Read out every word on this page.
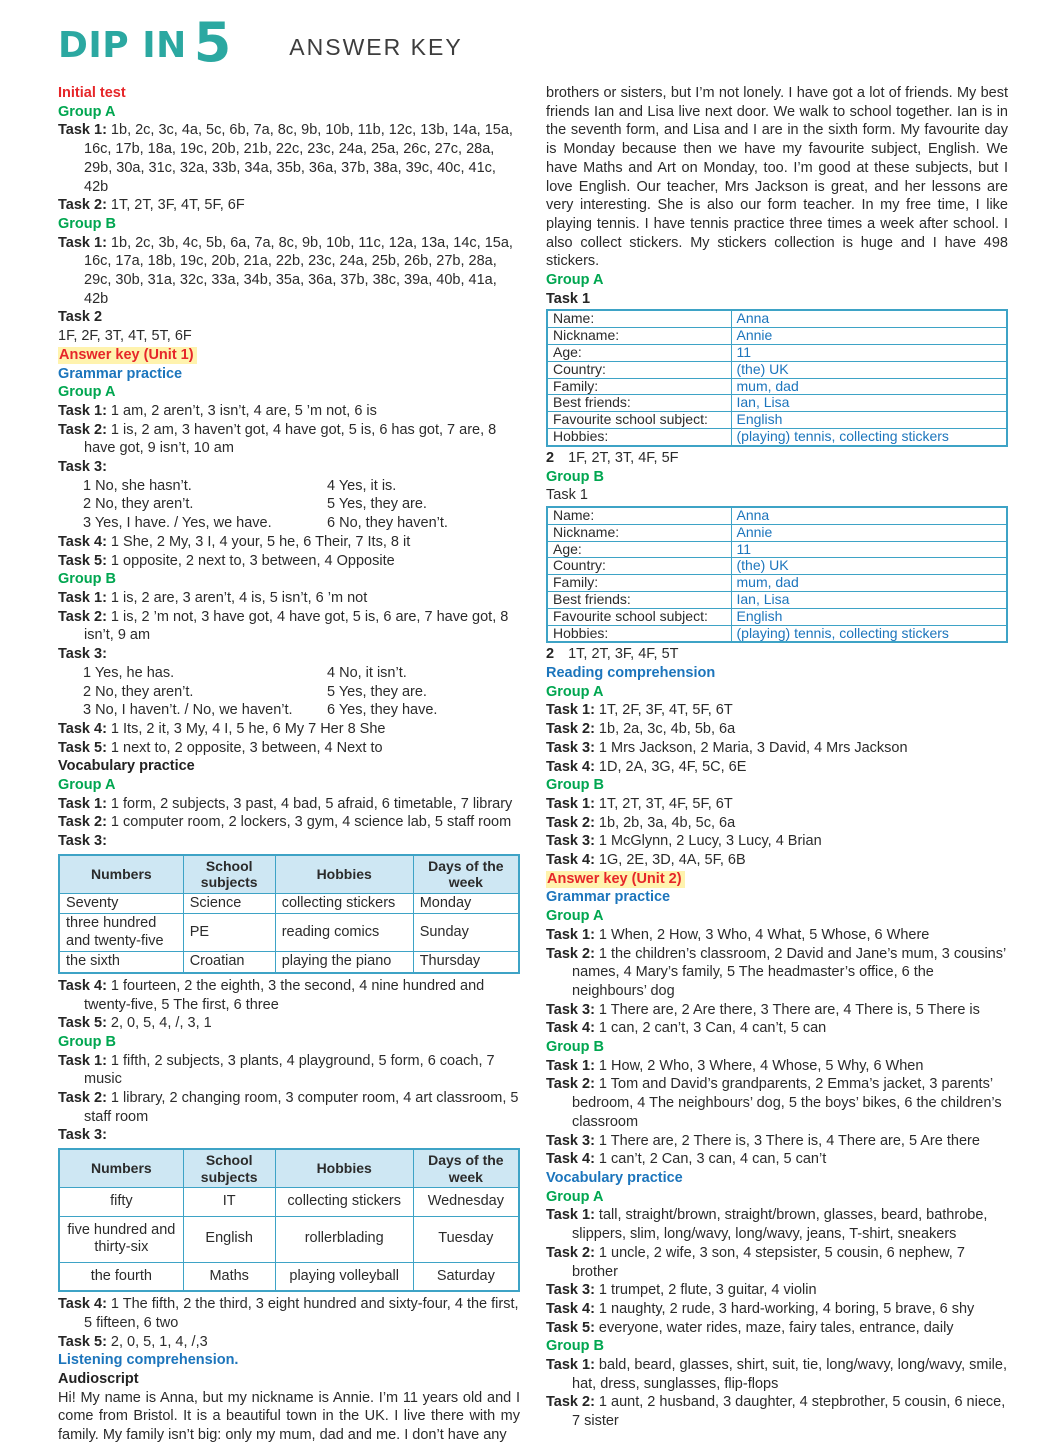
DIP IN 5	ANSWER KEY
Initial test
Group A
Task 1: 1b, 2c, 3c, 4a, 5c, 6b, 7a, 8c, 9b, 10b, 11b, 12c, 13b, 14a, 15a, 16c, 17b, 18a, 19c, 20b, 21b, 22c, 23c, 24a, 25a, 26c, 27c, 28a, 29b, 30a, 31c, 32a, 33b, 34a, 35b, 36a, 37b, 38a, 39c, 40c, 41c, 42b
Task 2: 1T, 2T, 3F, 4T, 5F, 6F
Group B
Task 1: 1b, 2c, 3b, 4c, 5b, 6a, 7a, 8c, 9b, 10b, 11c, 12a, 13a, 14c, 15a, 16c, 17a, 18b, 19c, 20b, 21a, 22b, 23c, 24a, 25b, 26b, 27b, 28a, 29c, 30b, 31a, 32c, 33a, 34b, 35a, 36a, 37b, 38c, 39a, 40b, 41a, 42b
Task 2
1F, 2F, 3T, 4T, 5T, 6F
Answer key (Unit 1)
Grammar practice
Group A
Task 1: 1 am, 2 aren’t, 3 isn’t, 4 are, 5 ’m not, 6 is
Task 2: 1 is, 2 am, 3 haven’t got, 4 have got, 5 is, 6 has got, 7 are, 8 have got, 9 isn’t, 10 am
Task 3:
1 No, she hasn’t.	4 Yes, it is.
2 No, they aren’t.	5 Yes, they are.
3 Yes, I have. / Yes, we have.	6 No, they haven’t.
Task 4: 1 She, 2 My, 3 I, 4 your, 5 he, 6 Their, 7 Its, 8 it
Task 5: 1 opposite, 2 next to, 3 between, 4 Opposite
Group B
Task 1: 1 is, 2 are, 3 aren’t, 4 is, 5 isn’t, 6 ’m not
Task 2: 1 is, 2 ’m not, 3 have got, 4 have got, 5 is, 6 are, 7 have got, 8 isn’t, 9 am
Task 3:
1 Yes, he has.	4 No, it isn’t.
2 No, they aren’t.	5 Yes, they are.
3 No, I haven’t. / No, we haven’t.	6 Yes, they have.
Task 4: 1 Its, 2 it, 3 My, 4 I, 5 he, 6 My 7 Her 8 She
Task 5: 1 next to, 2 opposite, 3 between, 4 Next to
Vocabulary practice
Group A
Task 1: 1 form, 2 subjects, 3 past, 4 bad, 5 afraid, 6 timetable, 7 library
Task 2: 1 computer room, 2 lockers, 3 gym, 4 science lab, 5 staff room
Task 3:
Numbers	School subjects	Hobbies	Days of the week
Seventy	Science	collecting stickers	Monday
three hundred and twenty-five	PE	reading comics	Sunday
the sixth	Croatian	playing the piano	Thursday
Task 4: 1 fourteen, 2 the eighth, 3 the second, 4 nine hundred and twenty-five, 5 The first, 6 three
Task 5: 2, 0, 5, 4, /, 3, 1
Group B
Task 1: 1 fifth, 2 subjects, 3 plants, 4 playground, 5 form, 6 coach, 7 music
Task 2: 1 library, 2 changing room, 3 computer room, 4 art classroom, 5 staff room
Task 3:
Numbers	School subjects	Hobbies	Days of the week
fifty	IT	collecting stickers	Wednesday
five hundred and thirty-six	English	rollerblading	Tuesday
the fourth	Maths	playing volleyball	Saturday
Task 4: 1 The fifth, 2 the third, 3 eight hundred and sixty-four, 4 the first, 5 fifteen, 6 two
Task 5: 2, 0, 5, 1, 4, /,3
Listening comprehension.
Audioscript

Hi! My name is Anna, but my nickname is Annie. I’m 11 years old and I come from Bristol. It is a beautiful town in the UK. I live there with my family. My family isn’t big: only my mum, dad and me. I don’t have any

brothers or sisters, but I’m not lonely. I have got a lot of friends. My best friends Ian and Lisa live next door. We walk to school together. Ian is in the seventh form, and Lisa and I are in the sixth form. My favourite day is Monday because then we have my favourite subject, English. We have Maths and Art on Monday, too. I’m good at these subjects, but I love English. Our teacher, Mrs Jackson is great, and her lessons are very interesting. She is also our form teacher. In my free time, I like playing tennis. I have tennis practice three times a week after school. I also collect stickers. My stickers collection is huge and I have 498 stickers.

Group A
Task 1
Name:	Anna
Nickname:	Annie
Age:	11
Country:	(the) UK
Family:	mum, dad
Best friends:	Ian, Lisa
Favourite school subject:	English
Hobbies:	(playing) tennis, collecting stickers
2 1F, 2T, 3T, 4F, 5F
Group B
Task 1
Name:	Anna
Nickname:	Annie
Age:	11
Country:	(the) UK
Family:	mum, dad
Best friends:	Ian, Lisa
Favourite school subject:	English
Hobbies:	(playing) tennis, collecting stickers
2 1T, 2T, 3F, 4F, 5T
Reading comprehension
Group A
Task 1: 1T, 2F, 3F, 4T, 5F, 6T
Task 2: 1b, 2a, 3c, 4b, 5b, 6a
Task 3: 1 Mrs Jackson, 2 Maria, 3 David, 4 Mrs Jackson
Task 4: 1D, 2A, 3G, 4F, 5C, 6E
Group B
Task 1: 1T, 2T, 3T, 4F, 5F, 6T
Task 2: 1b, 2b, 3a, 4b, 5c, 6a
Task 3: 1 McGlynn, 2 Lucy, 3 Lucy, 4 Brian
Task 4: 1G, 2E, 3D, 4A, 5F, 6B
Answer key (Unit 2)
Grammar practice
Group A
Task 1: 1 When, 2 How, 3 Who, 4 What, 5 Whose, 6 Where
Task 2: 1 the children’s classroom, 2 David and Jane’s mum, 3 cousins’ names, 4 Mary’s family, 5 The headmaster’s office, 6 the neighbours’ dog
Task 3: 1 There are, 2 Are there, 3 There are, 4 There is, 5 There is
Task 4: 1 can, 2 can’t, 3 Can, 4 can’t, 5 can
Group B
Task 1: 1 How, 2 Who, 3 Where, 4 Whose, 5 Why, 6 When
Task 2: 1 Tom and David’s grandparents, 2 Emma’s jacket, 3 parents’ bedroom, 4 The neighbours’ dog, 5 the boys’ bikes, 6 the children’s classroom
Task 3: 1 There are, 2 There is, 3 There is, 4 There are, 5 Are there
Task 4: 1 can’t, 2 Can, 3 can, 4 can, 5 can’t
Vocabulary practice
Group A
Task 1: tall, straight/brown, straight/brown, glasses, beard, bathrobe, slippers, slim, long/wavy, long/wavy, jeans, T-shirt, sneakers
Task 2: 1 uncle, 2 wife, 3 son, 4 stepsister, 5 cousin, 6 nephew, 7 brother
Task 3: 1 trumpet, 2 flute, 3 guitar, 4 violin
Task 4: 1 naughty, 2 rude, 3 hard-working, 4 boring, 5 brave, 6 shy
Task 5: everyone, water rides, maze, fairy tales, entrance, daily
Group B
Task 1: bald, beard, glasses, shirt, suit, tie, long/wavy, long/wavy, smile, hat, dress, sunglasses, flip-flops
Task 2: 1 aunt, 2 husband, 3 daughter, 4 stepbrother, 5 cousin, 6 niece, 7 sister
